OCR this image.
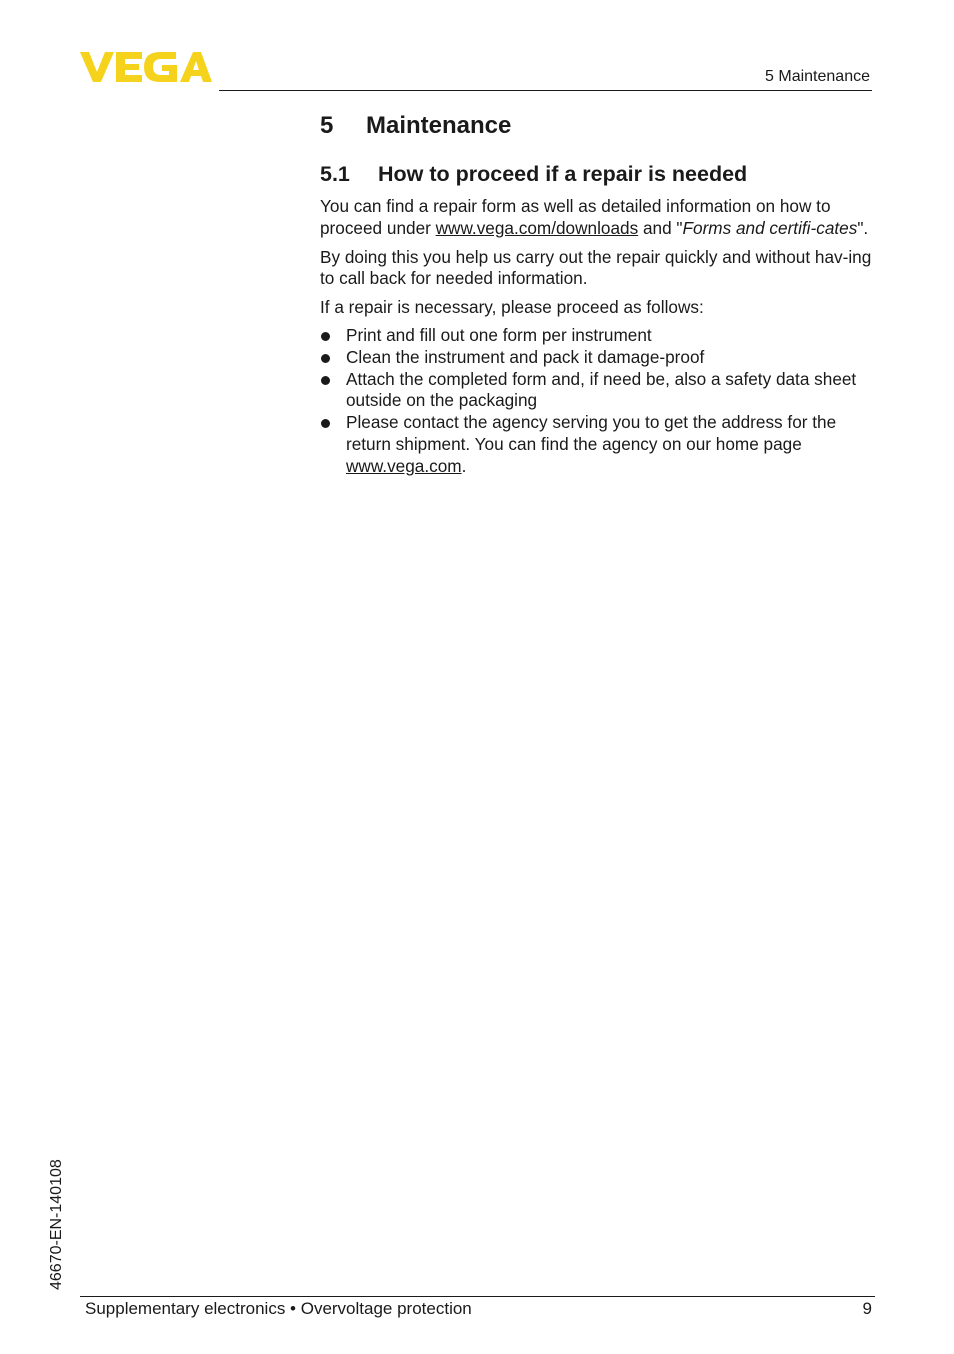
5 Maintenance
5 Maintenance
5.1 How to proceed if a repair is needed

You can find a repair form as well as detailed information on how to proceed under www.vega.com/downloads and "Forms and certifi-cates".

By doing this you help us carry out the repair quickly and without hav-ing to call back for needed information.

If a repair is necessary, please proceed as follows:

Print and fill out one form per instrument
Clean the instrument and pack it damage-proof
Attach the completed form and, if need be, also a safety data sheet outside on the packaging
Please contact the agency serving you to get the address for the return shipment. You can find the agency on our home page www.vega.com.
46670-EN-140108
Supplementary electronics • Overvoltage protection	9
